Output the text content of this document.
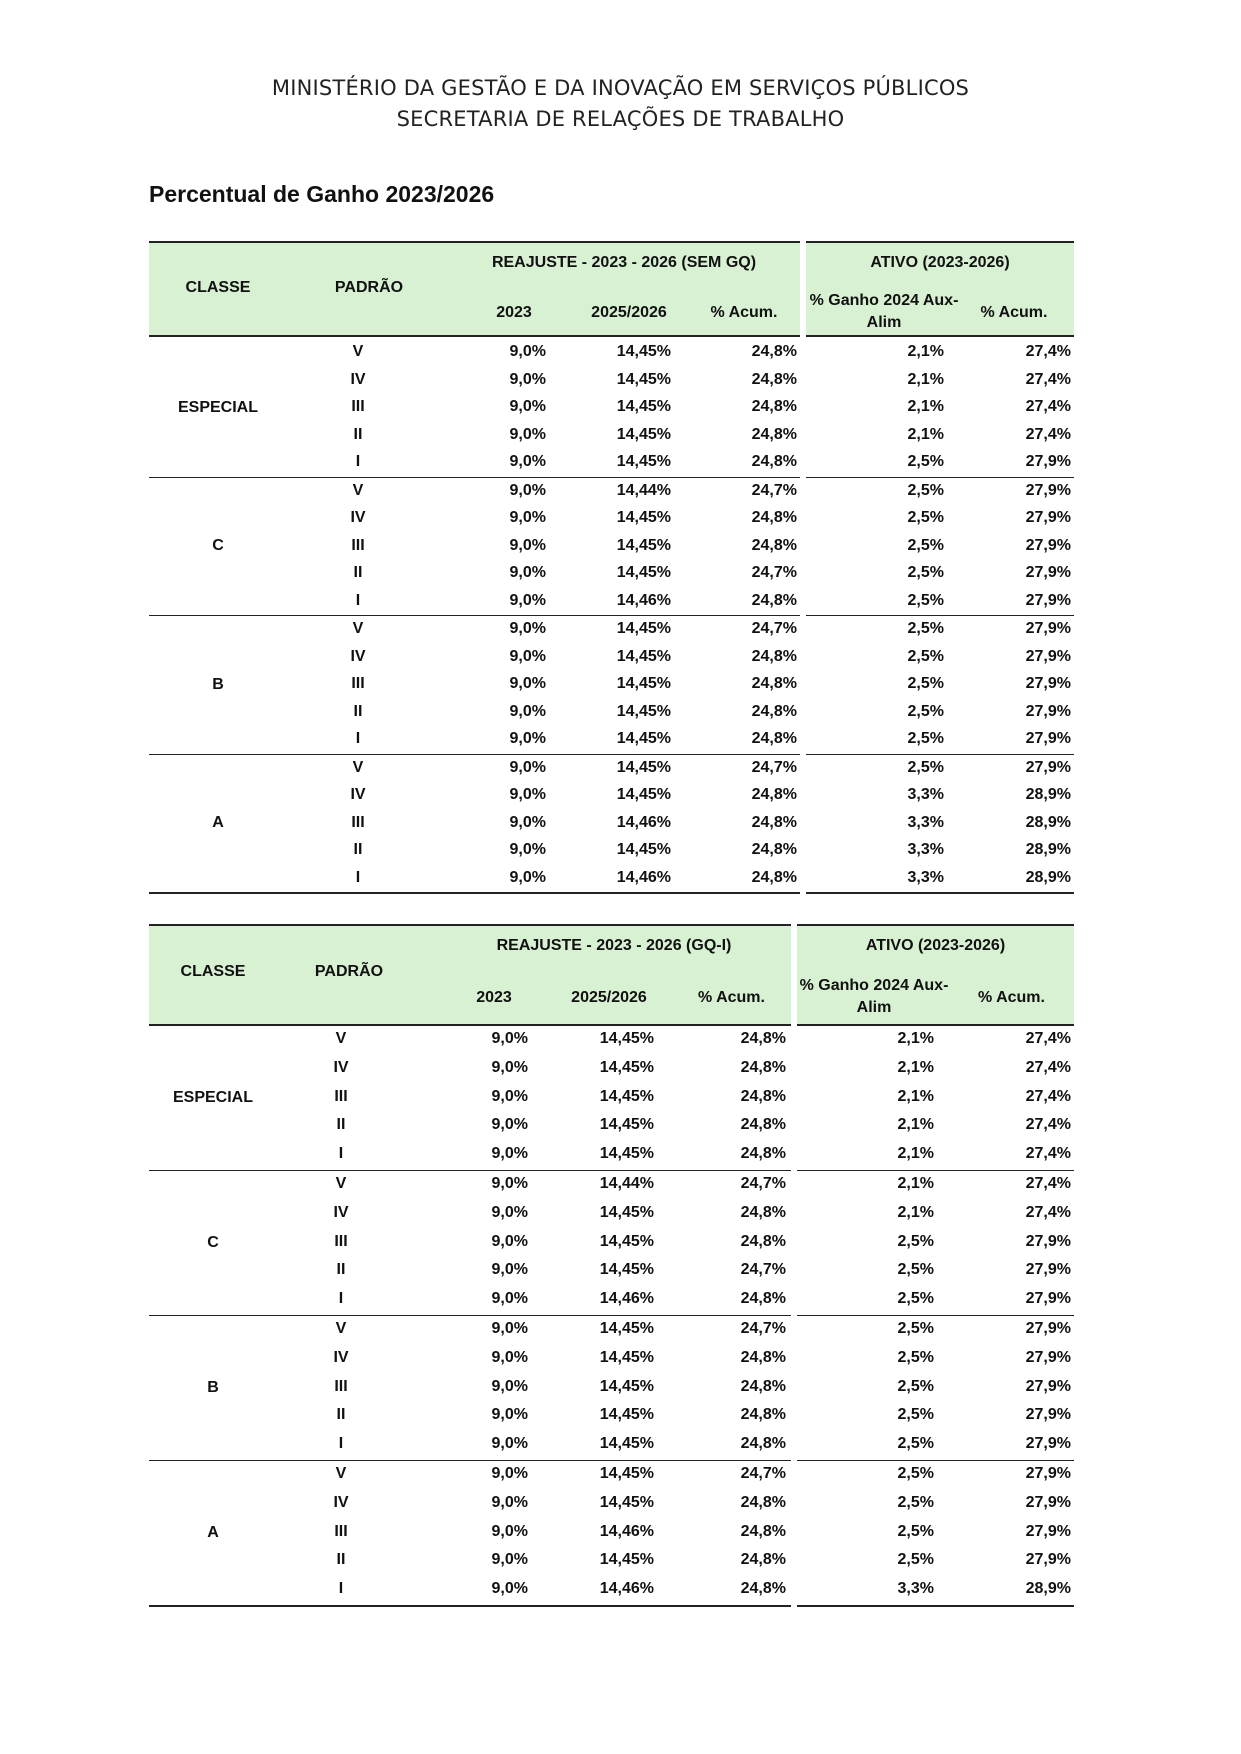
MINISTÉRIO DA GESTÃO E DA INOVAÇÃO EM SERVIÇOS PÚBLICOS
SECRETARIA DE RELAÇÕES DE TRABALHO
Percentual de Ganho 2023/2026
CLASSE	PADRÃO
REAJUSTE - 2023 - 2026 (SEM GQ)
2023	2025/2026	% Acum.
ATIVO (2023-2026)
% Ganho 2024 Aux-Alim
% Acum.
ESPECIAL
V	9,0%	14,45%	24,8%	2,1%	27,4%
IV	9,0%	14,45%	24,8%	2,1%	27,4%
III	9,0%	14,45%	24,8%	2,1%	27,4%
II	9,0%	14,45%	24,8%	2,1%	27,4%
I	9,0%	14,45%	24,8%	2,5%	27,9%
C
V	9,0%	14,44%	24,7%	2,5%	27,9%
IV	9,0%	14,45%	24,8%	2,5%	27,9%
III	9,0%	14,45%	24,8%	2,5%	27,9%
II	9,0%	14,45%	24,7%	2,5%	27,9%
I	9,0%	14,46%	24,8%	2,5%	27,9%
B
V	9,0%	14,45%	24,7%	2,5%	27,9%
IV	9,0%	14,45%	24,8%	2,5%	27,9%
III	9,0%	14,45%	24,8%	2,5%	27,9%
II	9,0%	14,45%	24,8%	2,5%	27,9%
I	9,0%	14,45%	24,8%	2,5%	27,9%
A
V	9,0%	14,45%	24,7%	2,5%	27,9%
IV	9,0%	14,45%	24,8%	3,3%	28,9%
III	9,0%	14,46%	24,8%	3,3%	28,9%
II	9,0%	14,45%	24,8%	3,3%	28,9%
I	9,0%	14,46%	24,8%	3,3%	28,9%
CLASSE	PADRÃO
REAJUSTE - 2023 - 2026 (GQ-I)
2023	2025/2026	% Acum.
ATIVO (2023-2026)
% Ganho 2024 Aux-Alim
% Acum.
ESPECIAL
V	9,0%	14,45%	24,8%	2,1%	27,4%
IV	9,0%	14,45%	24,8%	2,1%	27,4%
III	9,0%	14,45%	24,8%	2,1%	27,4%
II	9,0%	14,45%	24,8%	2,1%	27,4%
I	9,0%	14,45%	24,8%	2,1%	27,4%
C
V	9,0%	14,44%	24,7%	2,1%	27,4%
IV	9,0%	14,45%	24,8%	2,1%	27,4%
III	9,0%	14,45%	24,8%	2,5%	27,9%
II	9,0%	14,45%	24,7%	2,5%	27,9%
I	9,0%	14,46%	24,8%	2,5%	27,9%
B
V	9,0%	14,45%	24,7%	2,5%	27,9%
IV	9,0%	14,45%	24,8%	2,5%	27,9%
III	9,0%	14,45%	24,8%	2,5%	27,9%
II	9,0%	14,45%	24,8%	2,5%	27,9%
I	9,0%	14,45%	24,8%	2,5%	27,9%
A
V	9,0%	14,45%	24,7%	2,5%	27,9%
IV	9,0%	14,45%	24,8%	2,5%	27,9%
III	9,0%	14,46%	24,8%	2,5%	27,9%
II	9,0%	14,45%	24,8%	2,5%	27,9%
I	9,0%	14,46%	24,8%	3,3%	28,9%
